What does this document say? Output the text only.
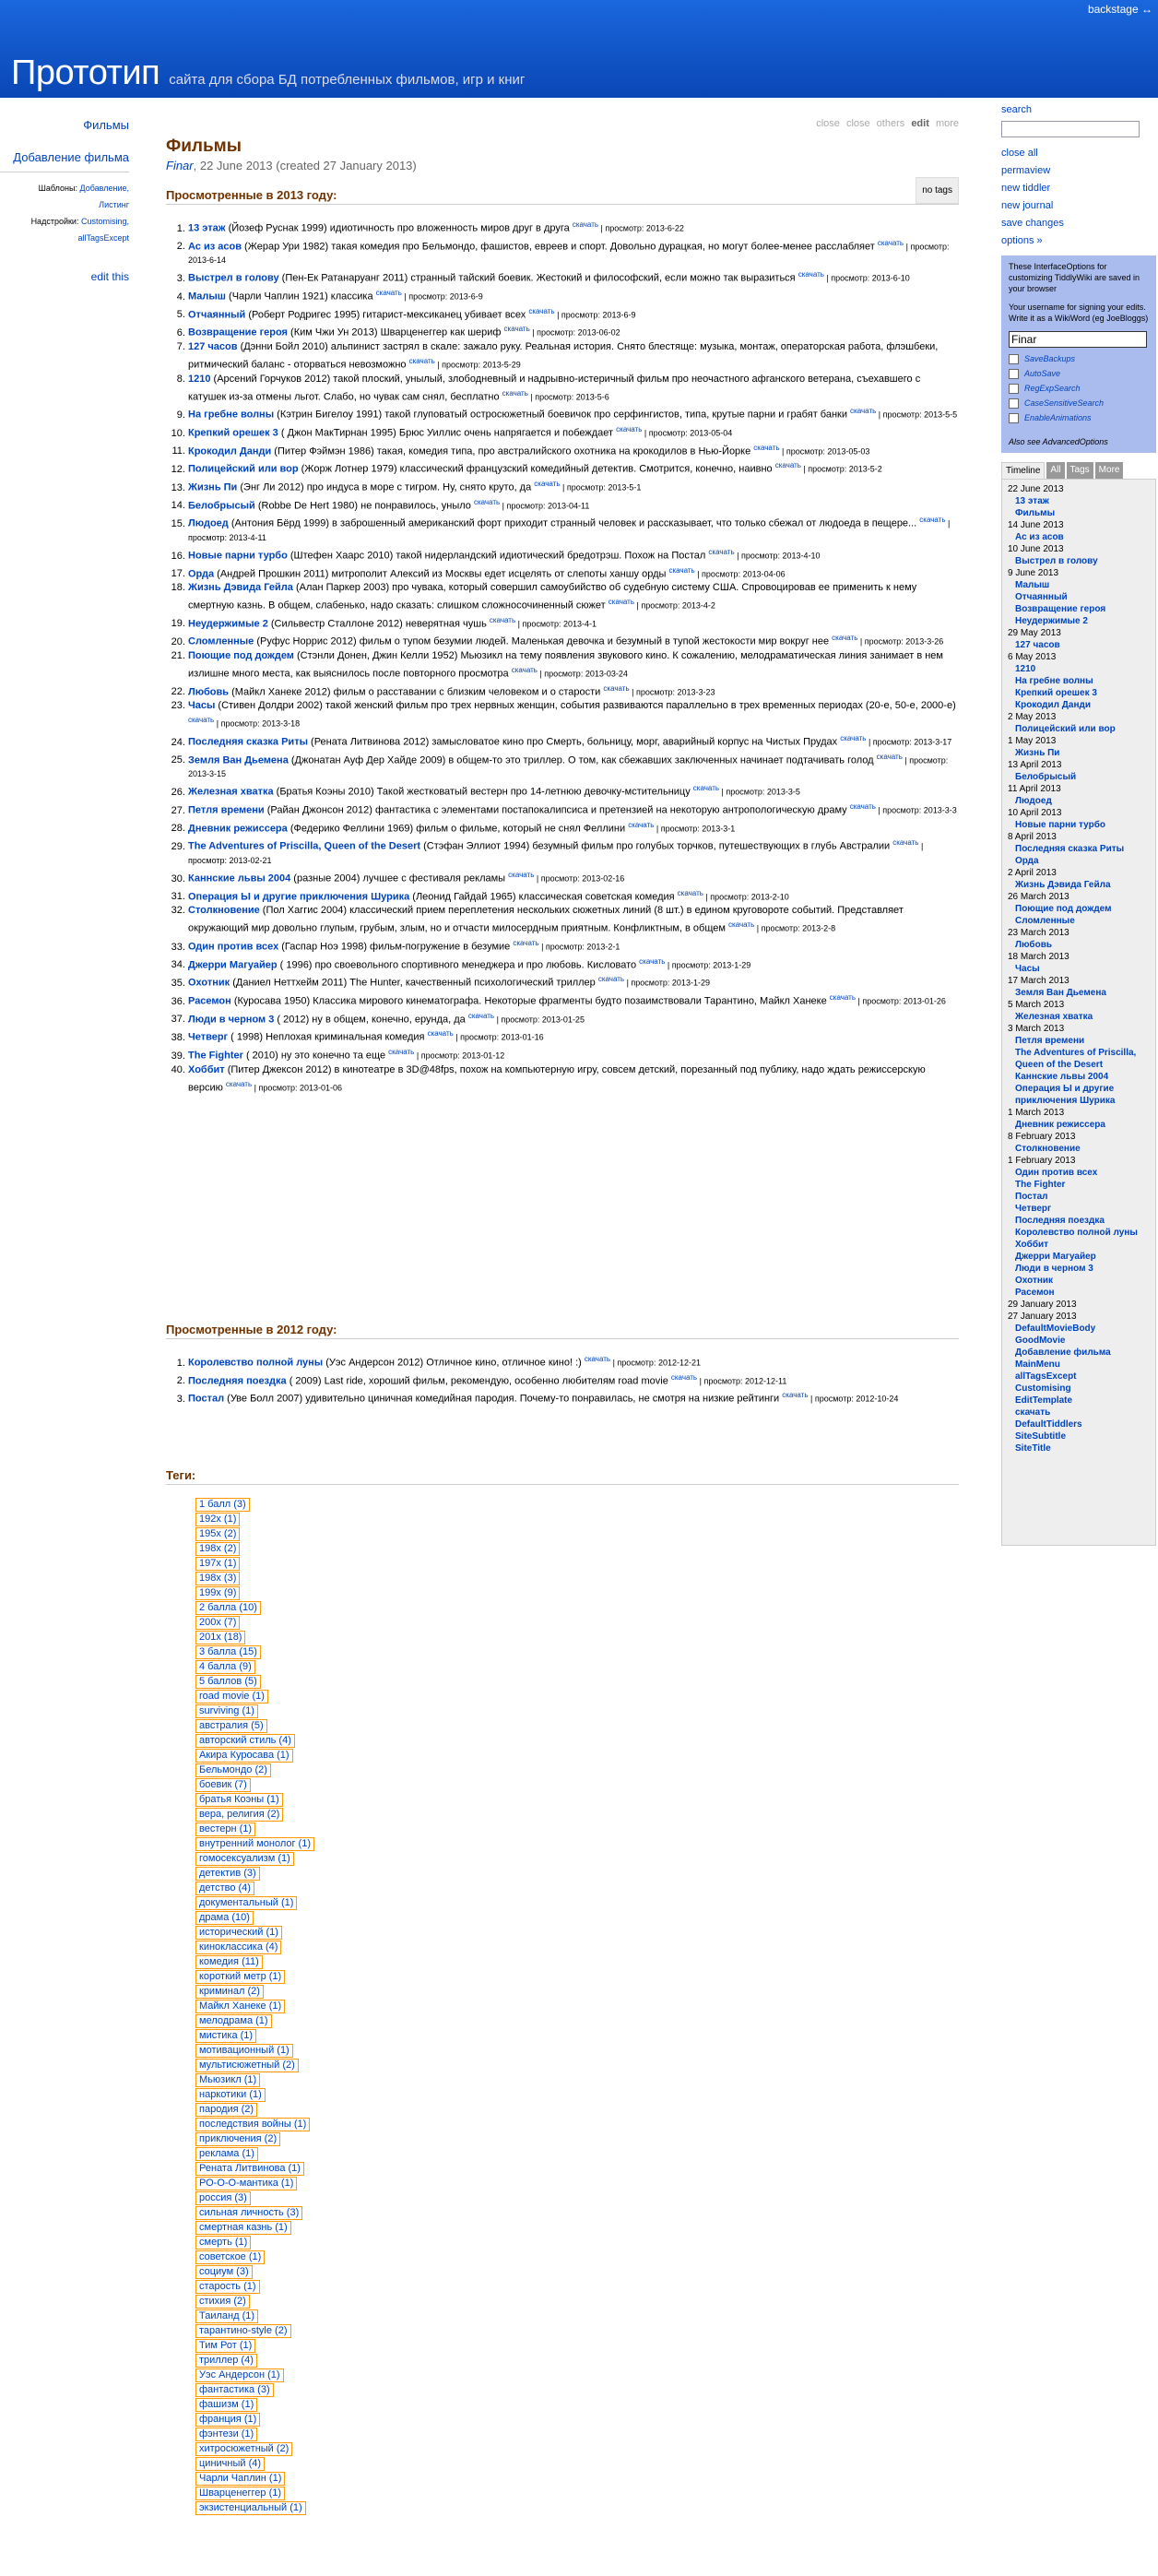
backstage ↔
Прототип сайта для сбора БД потребленных фильмов, игр и книг
Фильмы
Добавление фильма
Шаблоны: Добавление,
Листинг
Надстройки: Customising,
allTagsExcept
edit this
close close others edit more
Фильмы
Finar, 22 June 2013 (created 27 January 2013)
no tags
Просмотренные в 2013 году:
1. 13 этаж (Йозеф Руснак 1999) идиотичность про вложенность миров друг в друга $^{скачать}$ | просмотр: 2013-6-22
2. Ас из асов (Жерар Ури 1982) такая комедия про Бельмондо, фашистов, евреев и спорт. Довольно дурацкая, но могут более-менее расслабляет $^{скачать}$ | просмотр: 2013-6-14
3. Выстрел в голову (Пен-Ек Ратанаруанг 2011) странный тайский боевик. Жестокий и философский, если можно так выразиться $^{скачать}$ | просмотр: 2013-6-10
4. Малыш (Чарли Чаплин 1921) классика $^{скачать}$ | просмотр: 2013-6-9
5. Отчаянный (Роберт Родригес 1995) гитарист-мексиканец убивает всех $^{скачать}$ | просмотр: 2013-6-9
6. Возвращение героя (Ким Чжи Ун 2013) Шварценеггер как шериф $^{скачать}$ | просмотр: 2013-06-02
7. 127 часов (Дэнни Бойл 2010) альпинист застрял в скале: зажало руку. Реальная история. Снято блестяще: музыка, монтаж, операторская работа, флэшбеки, ритмический баланс - оторваться невозможно $^{скачать}$ | просмотр: 2013-5-29
8. 1210 (Арсений Горчуков 2012) такой плоский, унылый, злободневный и надрывно-истеричный фильм про неочастного афганского ветерана, съехавшего с катушек из-за отмены льгот. Слабо, но чувак сам снял, бесплатно $^{скачать}$ | просмотр: 2013-5-6
9. На гребне волны (Кэтрин Бигелоу 1991) такой глуповатый остросюжетный боевичок про серфингистов, типа, крутые парни и грабят банки $^{скачать}$ | просмотр: 2013-5-5
10. Крепкий орешек 3 ( Джон МакТирнан 1995) Брюс Уиллис очень напрягается и побеждает $^{скачать}$ | просмотр: 2013-05-04
11. Крокодил Данди (Питер Фэймэн 1986) такая, комедия типа, про австралийского охотника на крокодилов в Нью-Йорке $^{скачать}$ | просмотр: 2013-05-03
12. Полицейский или вор (Жорж Лотнер 1979) классический французский комедийный детектив. Смотрится, конечно, наивно $^{скачать}$ | просмотр: 2013-5-2
13. Жизнь Пи (Энг Ли 2012) про индуса в море с тигром. Ну, снято круто, да $^{скачать}$ | просмотр: 2013-5-1
14. Белобрысый (Robbe De Hert 1980) не понравилось, уныло $^{скачать}$ | просмотр: 2013-04-11
15. Людоед (Антония Бёрд 1999) в заброшенный американский форт приходит странный человек и рассказывает, что только сбежал от людоеда в пещере... $^{скачать}$ | просмотр: 2013-4-11
16. Новые парни турбо (Штефен Хаарс 2010) такой нидерландский идиотический бредотрэш. Похож на Постал $^{скачать}$ | просмотр: 2013-4-10
17. Орда (Андрей Прошкин 2011) митрополит Алексий из Москвы едет исцелять от слепоты ханшу орды $^{скачать}$ | просмотр: 2013-04-06
18. Жизнь Дэвида Гейла (Алан Паркер 2003) про чувака, который совершил самоубийство об судебную систему США. Спровоцировав ее применить к нему смертную казнь. В общем, слабенько, надо сказать: слишком сложносочиненный сюжет $^{скачать}$ | просмотр: 2013-4-2
19. Неудержимые 2 (Сильвестр Сталлоне 2012) неверятная чушь $^{скачать}$ | просмотр: 2013-4-1
20. Сломленные (Руфус Норрис 2012) фильм о тупом безумии людей. Маленькая девочка и безумный в тупой жестокости мир вокруг нее $^{скачать}$ | просмотр: 2013-3-26
21. Поющие под дождем (Стэнли Донен, Джин Келли 1952) Мьюзикл на тему появления звукового кино. К сожалению, мелодраматическая линия занимает в нем излишне много места, как выяснилось после повторного просмотра $^{скачать}$ | просмотр: 2013-03-24
22. Любовь (Майкл Ханеке 2012) фильм о расставании с близким человеком и о старости $^{скачать}$ | просмотр: 2013-3-23
23. Часы (Стивен Долдри 2002) такой женский фильм про трех нервных женщин, события развиваются параллельно в трех временных периодах (20-е, 50-е, 2000-е) $^{скачать}$ | просмотр: 2013-3-18
24. Последняя сказка Риты (Рената Литвинова 2012) замысловатое кино про Смерть, больницу, морг, аварийный корпус на Чистых Прудах $^{скачать}$ | просмотр: 2013-3-17
25. Земля Ван Дьемена (Джонатан Ауф Дер Хайде 2009) в общем-то это триллер. О том, как сбежавших заключенных начинает подтачивать голод $^{скачать}$ | просмотр: 2013-3-15
26. Железная хватка (Братья Коэны 2010) Такой жестковатый вестерн про 14-летнюю девочку-мстительницу $^{скачать}$ | просмотр: 2013-3-5
27. Петля времени (Райан Джонсон 2012) фантастика с элементами постапокалипсиса и претензией на некоторую антропологическую драму $^{скачать}$ | просмотр: 2013-3-3
28. Дневник режиссера (Федерико Феллини 1969) фильм о фильме, который не снял Феллини $^{скачать}$ | просмотр: 2013-3-1
29. The Adventures of Priscilla, Queen of the Desert (Стэфан Эллиот 1994) безумный фильм про голубых торчков, путешествующих в глубь Австралии $^{скачать}$ | просмотр: 2013-02-21
30. Каннские львы 2004 (разные 2004) лучшее с фестиваля рекламы $^{скачать}$ | просмотр: 2013-02-16
31. Операция Ы и другие приключения Шурика (Леонид Гайдай 1965) классическая советская комедия $^{скачать}$ | просмотр: 2013-2-10
32. Столкновение (Пол Хаггис 2004) классический прием переплетения нескольких сюжетных линий (8 шт.) в едином круговороте событий. Представляет окружающий мир довольно глупым, грубым, злым, но и отчасти милосердным приятным. Конфликтным, в общем $^{скачать}$ | просмотр: 2013-2-8
33. Один против всех (Гаспар Ноэ 1998) фильм-погружение в безумие $^{скачать}$ | просмотр: 2013-2-1
34. Джерри Магуайер ( 1996) про своевольного спортивного менеджера и про любовь. Кисловато $^{скачать}$ | просмотр: 2013-1-29
35. Охотник (Даниел Неттхейм 2011) The Hunter, качественный психологический триллер $^{скачать}$ | просмотр: 2013-1-29
36. Расемон (Куросава 1950) Классика мирового кинематографа. Некоторые фрагменты будто позаимствовали Тарантино, Майкл Ханеке $^{скачать}$ | просмотр: 2013-01-26
37. Люди в черном 3 ( 2012) ну в общем, конечно, ерунда, да $^{скачать}$ | просмотр: 2013-01-25
38. Четверг ( 1998) Неплохая криминальная комедия $^{скачать}$ | просмотр: 2013-01-16
39. The Fighter ( 2010) ну это конечно та еще $^{скачать}$ | просмотр: 2013-01-12
40. Хоббит (Питер Джексон 2012) в кинотеатре в 3D@48fps, похож на компьютерную игру, совсем детский, порезанный под публику, надо ждать режиссерскую версию $^{скачать}$ | просмотр: 2013-01-06
Просмотренные в 2012 году:
1. Королевство полной луны (Уэс Андерсон 2012) Отличное кино, отличное кино! :) $^{скачать}$ | просмотр: 2012-12-21
2. Последняя поездка ( 2009) Last ride, хороший фильм, рекомендую, особенно любителям road movie $^{скачать}$ | просмотр: 2012-12-11
3. Постал (Уве Болл 2007) удивительно циничная комедийная пародия. Почему-то понравилась, не смотря на низкие рейтинги $^{скачать}$ | просмотр: 2012-10-24
Теги:
1 балл (3)
192х (1)
195х (2)
198х (2)
197х (1)
198х (3)
199х (9)
2 балла (10)
200х (7)
201х (18)
3 балла (15)
4 балла (9)
5 баллов (5)
road movie (1)
surviving (1)
австралия (5)
авторский стиль (4)
Акира Куросава (1)
Бельмондо (2)
боевик (7)
братья Коэны (1)
вера, религия (2)
вестерн (1)
внутренний монолог (1)
гомосексуализм (1)
детектив (3)
детство (4)
документальный (1)
драма (10)
исторический (1)
киноклассика (4)
комедия (11)
короткий метр (1)
криминал (2)
Майкл Ханеке (1)
мелодрама (1)
мистика (1)
мотивационный (1)
мультисюжетный (2)
Мьюзикл (1)
наркотики (1)
пародия (2)
последствия войны (1)
приключения (2)
реклама (1)
Рената Литвинова (1)
РО-О-О-мантика (1)
россия (3)
сильная личность (3)
смертная казнь (1)
смерть (1)
советское (1)
социум (3)
старость (1)
стихия (2)
Таиланд (1)
тарантино-style (2)
Тим Рот (1)
триллер (4)
Уэс Андерсон (1)
фантастика (3)
фашизм (1)
франция (1)
фэнтези (1)
хитросюжетный (2)
циничный (4)
Чарли Чаплин (1)
Шварценеггер (1)
экзистенциальный (1)
search
close all
permaview
new tiddler
new journal
save changes
options »
These InterfaceOptions for customizing TiddlyWiki are saved in your browser
Your username for signing your edits. Write it as a WikiWord (eg JoeBloggs)
Finar
SaveBackups
AutoSave
RegExpSearch
CaseSensitiveSearch
EnableAnimations
Also see AdvancedOptions
Timeline	All	Tags	More
22 June 2013
13 этаж
Фильмы
14 June 2013
Ас из асов
10 June 2013
Выстрел в голову
9 June 2013
Малыш
Отчаянный
Возвращение героя
Неудержимые 2
29 May 2013
127 часов
6 May 2013
1210
На гребне волны
Крепкий орешек 3
Крокодил Данди
2 May 2013
Полицейский или вор
1 May 2013
Жизнь Пи
13 April 2013
Белобрысый
11 April 2013
Людоед
10 April 2013
Новые парни турбо
8 April 2013
Последняя сказка Риты
Орда
2 April 2013
Жизнь Дэвида Гейла
26 March 2013
Поющие под дождем
Сломленные
23 March 2013
Любовь
18 March 2013
Часы
17 March 2013
Земля Ван Дьемена
5 March 2013
Железная хватка
3 March 2013
Петля времени
The Adventures of Priscilla, Queen of the Desert
Каннские львы 2004
Операция Ы и другие приключения Шурика
1 March 2013
Дневник режиссера
8 February 2013
Столкновение
1 February 2013
Один против всех
The Fighter
Постал
Четверг
Последняя поездка
Королевство полной луны
Хоббит
Джерри Магуайер
Люди в черном 3
Охотник
Расемон
29 January 2013
27 January 2013
DefaultMovieBody
GoodMovie
Добавление фильма
MainMenu
allTagsExcept
Customising
EditTemplate
скачать
DefaultTiddlers
SiteSubtitle
SiteTitle
